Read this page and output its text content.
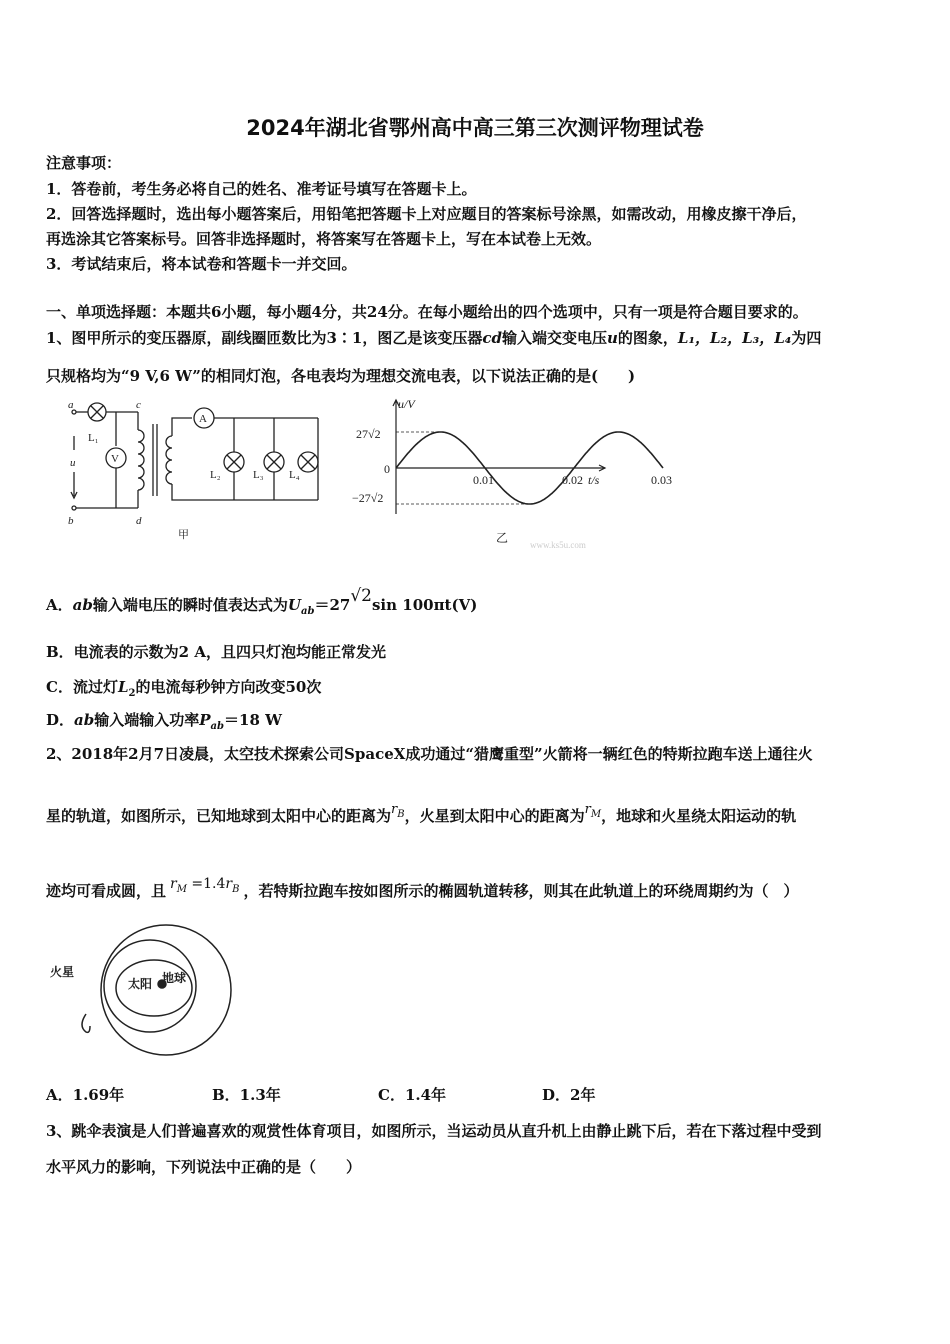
2024年湖北省鄂州高中高三第三次测评物理试卷
注意事项：
1．答卷前，考生务必将自己的姓名、准考证号填写在答题卡上。
2．回答选择题时，选出每小题答案后，用铅笔把答题卡上对应题目的答案标号涂黑，如需改动，用橡皮擦干净后，
再选涂其它答案标号。回答非选择题时，将答案写在答题卡上，写在本试卷上无效。
3．考试结束后，将本试卷和答题卡一并交回。
一、单项选择题：本题共6小题，每小题4分，共24分。在每小题给出的四个选项中，只有一项是符合题目要求的。
1、图甲所示的变压器原，副线圈匝数比为3∶1，图乙是该变压器cd输入端交变电压u的图象，L₁，L₂，L₃，L₄为四
只规格均为“9 V,6 W”的相同灯泡，各电表均为理想交流电表，以下说法正确的是(　　)
a
b
c
d
u
L₁
V
A
L₂	L₃ L₄
甲
u/V
27√2
0
−27√2
0.01	0.02	0.03
t/s
乙 www.ks5u.com
A．ab输入端电压的瞬时值表达式为$U_{ab}=27√2\sin$ 100πt(V)
B．电流表的示数为2 A，且四只灯泡均能正常发光
C．流过灯$L_2$的电流每秒钟方向改变50次
D．ab输入端输入功率$P_{ab}=18$ W
2、2018年2月7日凌晨，太空技术探索公司SpaceX成功通过“猎鹰重型”火箭将一辆红色的特斯拉跑车送上通往火
星的轨道，如图所示，已知地球到太阳中心的距离为$r_B$，火星到太阳中心的距离为$r_M$，地球和火星绕太阳运动的轨
迹均可看成圆，且 $r_M =1.4r_B$ ，若特斯拉跑车按如图所示的椭圆轨道转移，则其在此轨道上的环绕周期约为（　）
火星
太阳 地球
A．1.69年	B．1.3年	C．1.4年	D．2年
3、跳伞表演是人们普遍喜欢的观赏性体育项目，如图所示，当运动员从直升机上由静止跳下后，若在下落过程中受到
水平风力的影响，下列说法中正确的是（　　）
